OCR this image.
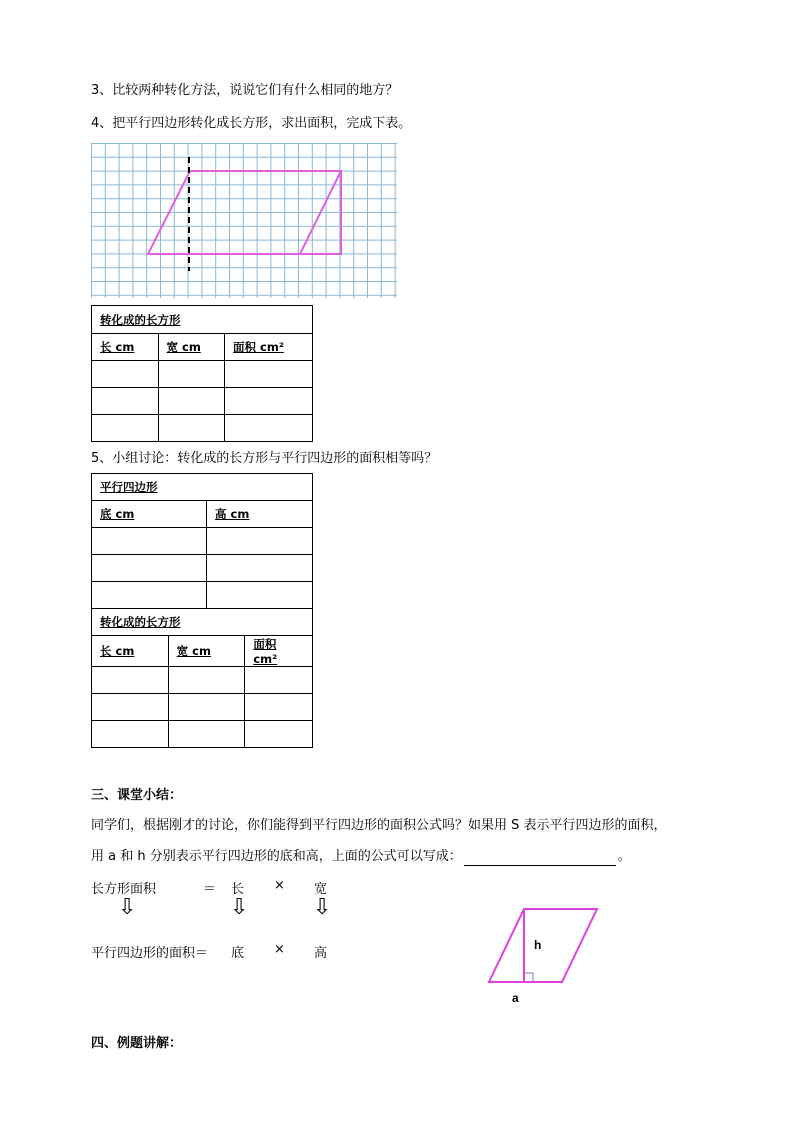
3、比较两种转化方法，说说它们有什么相同的地方？
4、把平行四边形转化成长方形，求出面积，完成下表。
转化成的长方形		
长 cm	宽 cm	面积 cm²

5、小组讨论：转化成的长方形与平行四边形的面积相等吗？
平行四边形			
底 cm		高 cm	

转化成的长方形			
长 cm	宽 cm		面积 cm²

三、课堂小结：
同学们，根据刚才的讨论，你们能得到平行四边形的面积公式吗？如果用 S 表示平行四边形的面积，
用 a 和 h 分别表示平行四边形的底和高，上面的公式可以写成：	。
长方形面积	＝ 长 × 宽
⇩	⇩	⇩
平行四边形的面积＝ 底 × 高
h
a
四、例题讲解：
